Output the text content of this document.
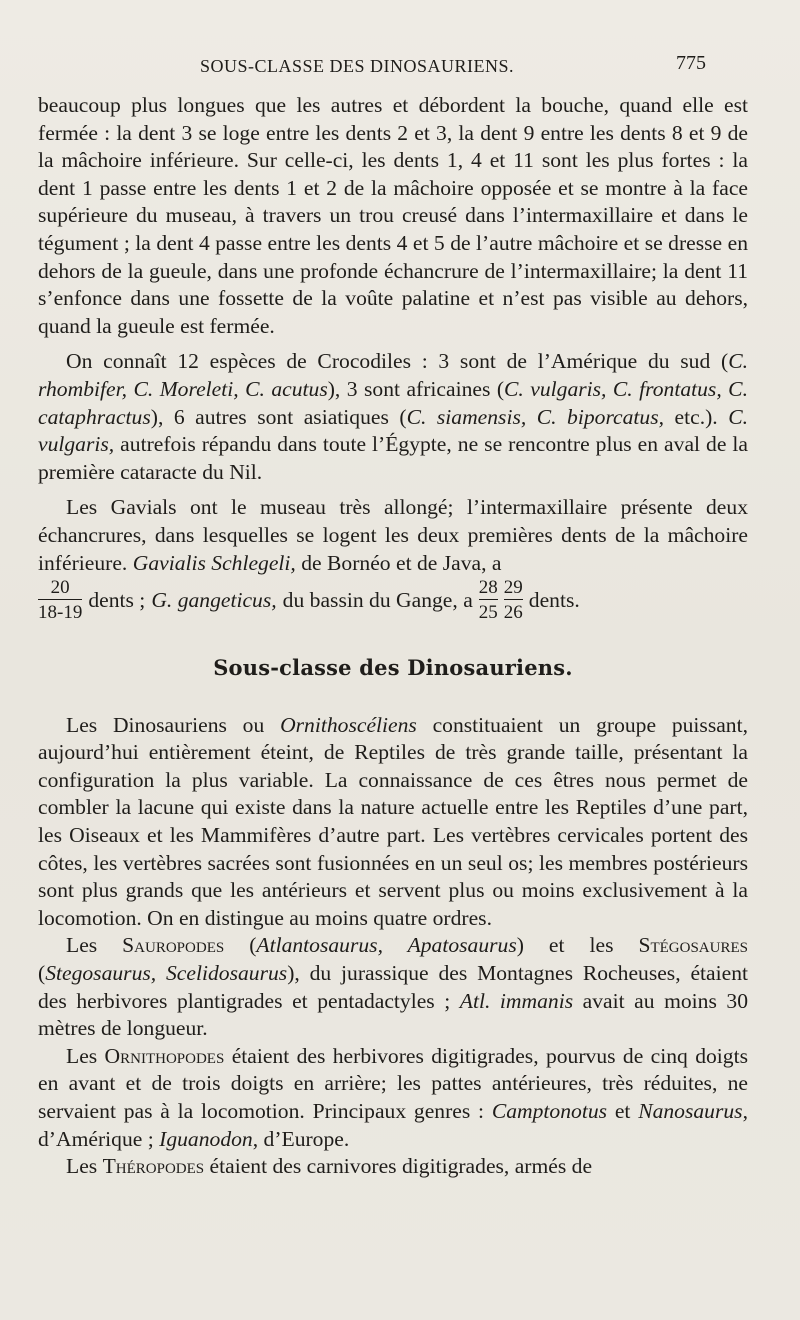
SOUS-CLASSE DES DINOSAURIENS.	775

beaucoup plus longues que les autres et débordent la bouche, quand elle est fermée : la dent 3 se loge entre les dents 2 et 3, la dent 9 entre les dents 8 et 9 de la mâchoire inférieure. Sur celle-ci, les dents 1, 4 et 11 sont les plus fortes : la dent 1 passe entre les dents 1 et 2 de la mâchoire opposée et se montre à la face supérieure du museau, à travers un trou creusé dans l’intermaxillaire et dans le tégument ; la dent 4 passe entre les dents 4 et 5 de l’autre mâchoire et se dresse en dehors de la gueule, dans une profonde échancrure de l’intermaxillaire; la dent 11 s’enfonce dans une fossette de la voûte palatine et n’est pas visible au dehors, quand la gueule est fermée.

On connaît 12 espèces de Crocodiles : 3 sont de l’Amérique du sud (C. rhombifer, C. Moreleti, C. acutus), 3 sont africaines (C. vulgaris, C. frontatus, C. cataphractus), 6 autres sont asiatiques (C. siamensis, C. biporcatus, etc.). C. vulgaris, autrefois répandu dans toute l’Égypte, ne se rencontre plus en aval de la première cataracte du Nil.

Les Gavials ont le museau très allongé; l’intermaxillaire présente deux échancrures, dans lesquelles se logent les deux premières dents de la mâchoire inférieure. Gavialis Schlegeli, de Bornéo et de Java, a

$\frac{20}{18-19}$ dents ; G. gangeticus, du bassin du Gange, a $\frac{28}{25} \frac{29}{26}$ dents.

Sous-classe des Dinosauriens.

Les Dinosauriens ou Ornithoscéliens constituaient un groupe puissant, aujourd’hui entièrement éteint, de Reptiles de très grande taille, présentant la configuration la plus variable. La connaissance de ces êtres nous permet de combler la lacune qui existe dans la nature actuelle entre les Reptiles d’une part, les Oiseaux et les Mammifères d’autre part. Les vertèbres cervicales portent des côtes, les vertèbres sacrées sont fusionnées en un seul os; les membres postérieurs sont plus grands que les antérieurs et servent plus ou moins exclusivement à la locomotion. On en distingue au moins quatre ordres.

Les Sauropodes (Atlantosaurus, Apatosaurus) et les Stégosaures (Stegosaurus, Scelidosaurus), du jurassique des Montagnes Rocheuses, étaient des herbivores plantigrades et pentadactyles ; Atl. immanis avait au moins 30 mètres de longueur.

Les Ornithopodes étaient des herbivores digitigrades, pourvus de cinq doigts en avant et de trois doigts en arrière; les pattes antérieures, très réduites, ne servaient pas à la locomotion. Principaux genres : Camptonotus et Nanosaurus, d’Amérique ; Iguanodon, d’Europe.

Les Théropodes étaient des carnivores digitigrades, armés de
